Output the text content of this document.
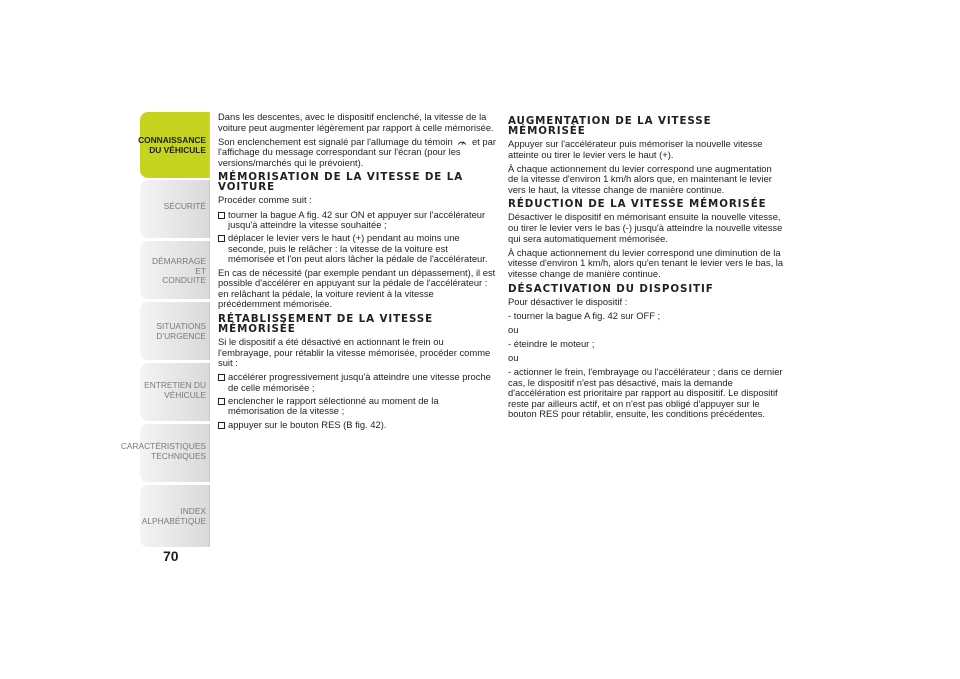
CONNAISSANCE
DU VÉHICULE
SÉCURITÉ
DÉMARRAGE ET
CONDUITE
SITUATIONS
D’URGENCE
ENTRETIEN DU
VÉHICULE
CARACTÉRISTIQUES
TECHNIQUES
INDEX
ALPHABÉTIQUE
70

Dans les descentes, avec le dispositif enclenché, la vitesse de la voiture peut augmenter légèrement par rapport à celle mémorisée.

Son enclenchement est signalé par l'allumage du témoin et par l'affichage du message correspondant sur l'écran (pour les versions/marchés qui le prévoient).

MÉMORISATION DE LA VITESSE DE LA VOITURE

Procéder comme suit :

tourner la bague A fig. 42 sur ON et appuyer sur l'accélérateur jusqu'à atteindre la vitesse souhaitée ;
déplacer le levier vers le haut (+) pendant au moins une seconde, puis le relâcher : la vitesse de la voiture est mémorisée et l'on peut alors lâcher la pédale de l'accélérateur.

En cas de nécessité (par exemple pendant un dépassement), il est possible d'accélérer en appuyant sur la pédale de l'accélérateur : en relâchant la pédale, la voiture revient à la vitesse précédemment mémorisée.

RÉTABLISSEMENT DE LA VITESSE MÉMORISÉE

Si le dispositif a été désactivé en actionnant le frein ou l'embrayage, pour rétablir la vitesse mémorisée, procéder comme suit :

accélérer progressivement jusqu'à atteindre une vitesse proche de celle mémorisée ;
enclencher le rapport sélectionné au moment de la mémorisation de la vitesse ;
appuyer sur le bouton RES (B fig. 42).
AUGMENTATION DE LA VITESSE MÉMORISÉE

Appuyer sur l'accélérateur puis mémoriser la nouvelle vitesse atteinte ou tirer le levier vers le haut (+).

À chaque actionnement du levier correspond une augmentation de la vitesse d'environ 1 km/h alors que, en maintenant le levier vers le haut, la vitesse change de manière continue.

RÉDUCTION DE LA VITESSE MÉMORISÉE

Désactiver le dispositif en mémorisant ensuite la nouvelle vitesse, ou tirer le levier vers le bas (-) jusqu'à atteindre la nouvelle vitesse qui sera automatiquement mémorisée.

À chaque actionnement du levier correspond une diminution de la vitesse d'environ 1 km/h, alors qu'en tenant le levier vers le bas, la vitesse change de manière continue.

DÉSACTIVATION DU DISPOSITIF

Pour désactiver le dispositif :

- tourner la bague A fig. 42 sur OFF ;

ou

- éteindre le moteur ;

ou

- actionner le frein, l'embrayage ou l'accélérateur ; dans ce dernier cas, le dispositif n'est pas désactivé, mais la demande d'accélération est prioritaire par rapport au dispositif. Le dispositif reste par ailleurs actif, et on n'est pas obligé d'appuyer sur le bouton RES pour rétablir, ensuite, les conditions précédentes.
